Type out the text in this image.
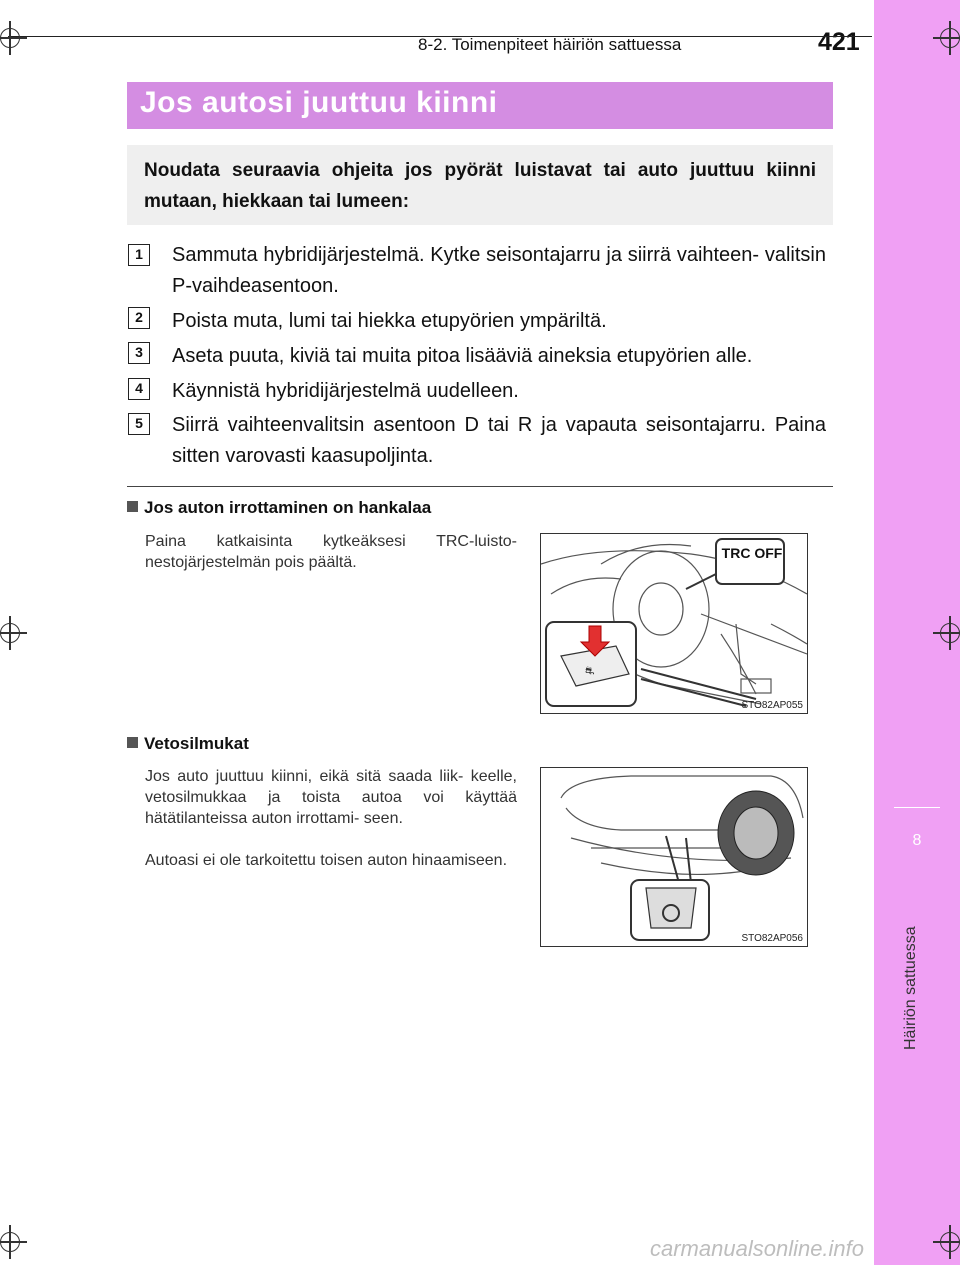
8-2. Toimenpiteet häiriön sattuessa	421
8
Häiriön sattuessa
Jos autosi juuttuu kiinni
Noudata seuraavia ohjeita jos pyörät luistavat tai auto juuttuu kiinni mutaan, hiekkaan tai lumeen:
1	Sammuta hybridijärjestelmä. Kytke seisontajarru ja siirrä vaihteen- valitsin P-vaihdeasentoon.
2	Poista muta, lumi tai hiekka etupyörien ympäriltä.
3	Aseta puuta, kiviä tai muita pitoa lisääviä aineksia etupyörien alle.
4	Käynnistä hybridijärjestelmä uudelleen.
5	Siirrä vaihteenvalitsin asentoon D tai R ja vapauta seisontajarru. Paina sitten varovasti kaasupoljinta.
Jos auton irrottaminen on hankalaa
Paina katkaisinta kytkeäksesi TRC-luisto- nestojärjestelmän pois päältä.
⛐
TRC OFF
STO82AP055
Vetosilmukat
Jos auto juuttuu kiinni, eikä sitä saada liik- keelle, vetosilmukkaa ja toista autoa voi käyttää hätätilanteissa auton irrottami- seen.
Autoasi ei ole tarkoitettu toisen auton hinaamiseen.
STO82AP056
carmanualsonline.info
